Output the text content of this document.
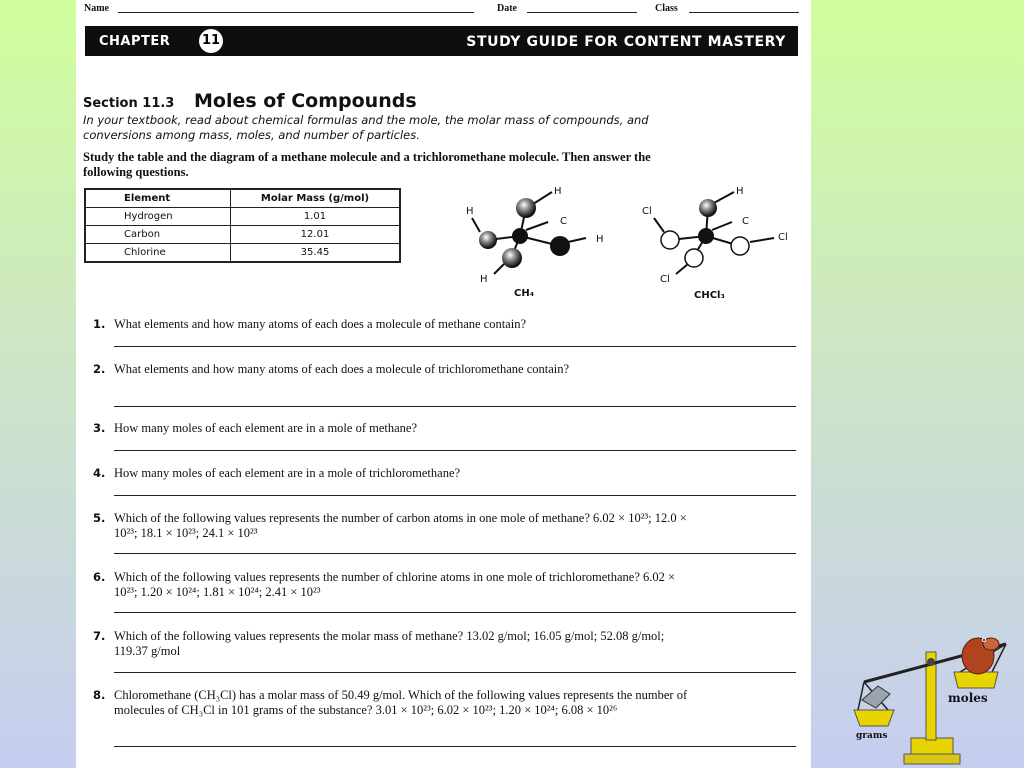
Name	Date	Class
CHAPTER 11	STUDY GUIDE FOR CONTENT MASTERY
Section 11.3 Moles of Compounds
In your textbook, read about chemical formulas and the mole, the molar mass of compounds, and conversions among mass, moles, and number of particles.
Study the table and the diagram of a methane molecule and a trichloromethane molecule. Then answer the following questions.
Element	Molar Mass (g/mol)
Hydrogen	1.01
Carbon	12.01
Chlorine	35.45
H
H
C
H
H
CH₄
H
Cl
C
Cl
Cl
CHCl₃
1. What elements and how many atoms of each does a molecule of methane contain?
2. What elements and how many atoms of each does a molecule of trichloromethane contain?
3. How many moles of each element are in a mole of methane?
4. How many moles of each element are in a mole of trichloromethane?
5. Which of the following values represents the number of carbon atoms in one mole of methane? 6.02 × 10²³; 12.0 × 10²³; 18.1 × 10²³; 24.1 × 10²³
6. Which of the following values represents the number of chlorine atoms in one mole of trichloromethane? 6.02 × 10²³; 1.20 × 10²⁴; 1.81 × 10²⁴; 2.41 × 10²³
7. Which of the following values represents the molar mass of methane? 13.02 g/mol; 16.05 g/mol; 52.08 g/mol; 119.37 g/mol
8. Chloromethane (CH₃Cl) has a molar mass of 50.49 g/mol. Which of the following values represents the number of molecules of CH₃Cl in 101 grams of the substance? 3.01 × 10²³; 6.02 × 10²³; 1.20 × 10²⁴; 6.08 × 10²⁶
moles
grams
